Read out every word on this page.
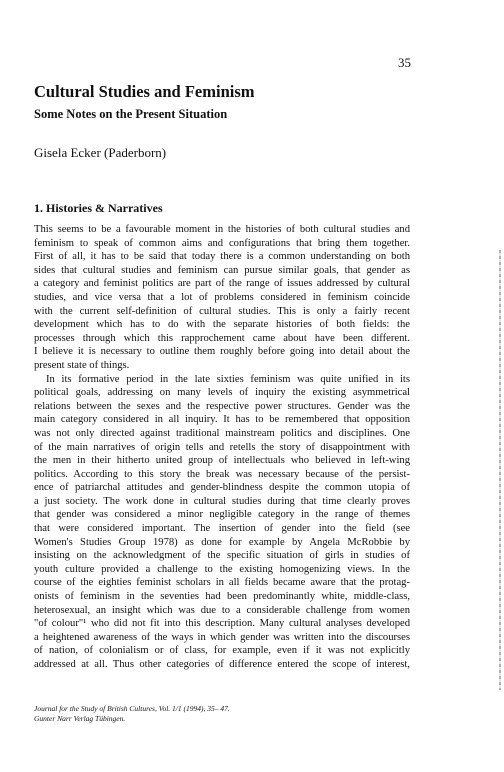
35
Cultural Studies and Feminism
Some Notes on the Present Situation
Gisela Ecker (Paderborn)
1. Histories & Narratives
This seems to be a favourable moment in the histories of both cultural studies and
feminism to speak of common aims and configurations that bring them together.
First of all, it has to be said that today there is a common understanding on both
sides that cultural studies and feminism can pursue similar goals, that gender as
a category and feminist politics are part of the range of issues addressed by cultural
studies, and vice versa that a lot of problems considered in feminism coincide
with the current self-definition of cultural studies. This is only a fairly recent
development which has to do with the separate histories of both fields: the
processes through which this rapprochement came about have been different.
I believe it is necessary to outline them roughly before going into detail about the
present state of things.
In its formative period in the late sixties feminism was quite unified in its
political goals, addressing on many levels of inquiry the existing asymmetrical
relations between the sexes and the respective power structures. Gender was the
main category considered in all inquiry. It has to be remembered that opposition
was not only directed against traditional mainstream politics and disciplines. One
of the main narratives of origin tells and retells the story of disappointment with
the men in their hitherto united group of intellectuals who believed in left-wing
politics. According to this story the break was necessary because of the persist-
ence of patriarchal attitudes and gender-blindness despite the common utopia of
a just society. The work done in cultural studies during that time clearly proves
that gender was considered a minor negligible category in the range of themes
that were considered important. The insertion of gender into the field (see
Women's Studies Group 1978) as done for example by Angela McRobbie by
insisting on the acknowledgment of the specific situation of girls in studies of
youth culture provided a challenge to the existing homogenizing views. In the
course of the eighties feminist scholars in all fields became aware that the protag-
onists of feminism in the seventies had been predominantly white, middle-class,
heterosexual, an insight which was due to a considerable challenge from women
"of colour"¹ who did not fit into this description. Many cultural analyses developed
a heightened awareness of the ways in which gender was written into the discourses
of nation, of colonialism or of class, for example, even if it was not explicitly
addressed at all. Thus other categories of difference entered the scope of interest,
Journal for the Study of British Cultures, Vol. 1/1 (1994), 35– 47.
Gunter Narr Verlag Tübingen.
